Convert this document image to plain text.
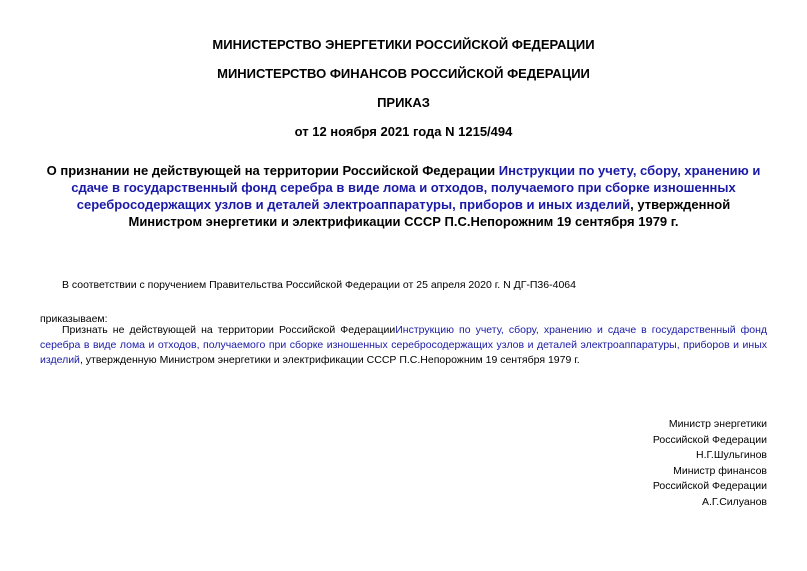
МИНИСТЕРСТВО ЭНЕРГЕТИКИ РОССИЙСКОЙ ФЕДЕРАЦИИ
МИНИСТЕРСТВО ФИНАНСОВ РОССИЙСКОЙ ФЕДЕРАЦИИ
ПРИКАЗ
от 12 ноября 2021 года N 1215/494
О признании не действующей на территории Российской Федерации Инструкции по учету, сбору, хранению и сдаче в государственный фонд серебра в виде лома и отходов, получаемого при сборке изношенных серебросодержащих узлов и деталей электроаппаратуры, приборов и иных изделий, утвержденной Министром энергетики и электрификации СССР П.С.Непорожним 19 сентября 1979 г.
В соответствии с поручением Правительства Российской Федерации от 25 апреля 2020 г. N ДГ-П36-4064
приказываем:
Признать не действующей на территории Российской ФедерацииИнструкцию по учету, сбору, хранению и сдаче в государственный фонд серебра в виде лома и отходов, получаемого при сборке изношенных серебросодержащих узлов и деталей электроаппаратуры, приборов и иных изделий, утвержденную Министром энергетики и электрификации СССР П.С.Непорожним 19 сентября 1979 г.
Министр энергетики
Российской Федерации
Н.Г.Шульгинов
Министр финансов
Российской Федерации
А.Г.Силуанов
